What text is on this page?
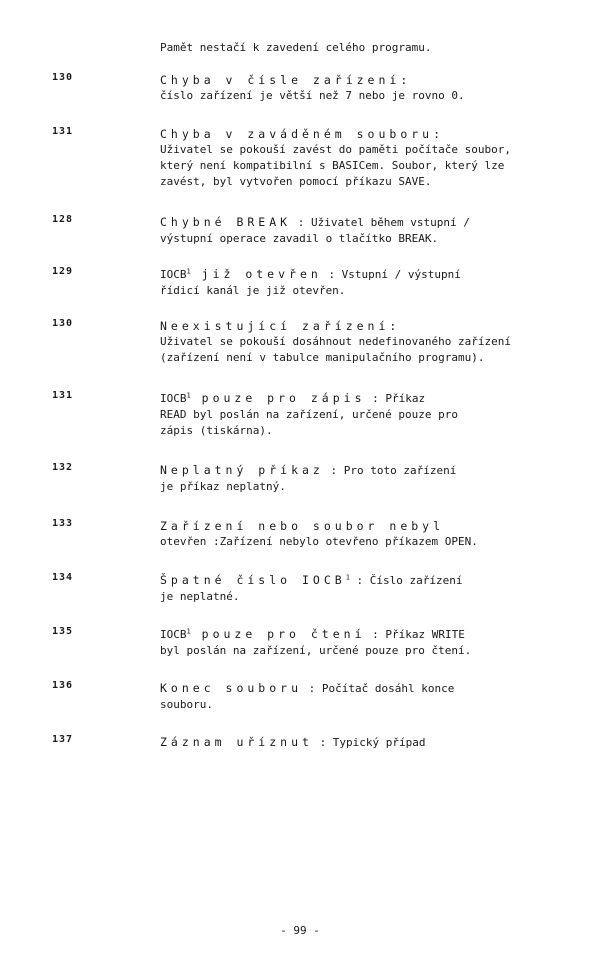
Pamět nestačí k zavedení celého programu.
130	Chyba v čísle zařízení:
číslo zařízení je větší než 7 nebo je rovno 0.
131	Chyba v zaváděném souboru:
Uživatel se pokouší zavést do paměti počítače soubor,
který není kompatibilní s BASICem. Soubor, který lze
zavést, byl vytvořen pomocí příkazu SAVE.
128	Chybné BREAK : Uživatel během vstupní /
výstupní operace zavadil o tlačítko BREAK.
129	IOCB$^1$ již otevřen : Vstupní / výstupní
řídicí kanál je již otevřen.
130	Neexistující zařízení:
Uživatel se pokouší dosáhnout nedefinovaného zařízení
(zařízení není v tabulce manipulačního programu).
131	IOCB$^1$ pouze pro zápis : Příkaz
READ byl poslán na zařízení, určené pouze pro
zápis (tiskárna).
132	Neplatný příkaz : Pro toto zařízení
je příkaz neplatný.
133	Zařízení nebo soubor nebyl
otevřen :Zařízení nebylo otevřeno příkazem OPEN.
134	Špatné číslo IOCB$^1$ : Číslo zařízení
je neplatné.
135	IOCB$^1$ pouze pro čtení : Příkaz WRITE
byl poslán na zařízení, určené pouze pro čtení.
136	Konec souboru : Počítač dosáhl konce
souboru.
137	Záznam uříznut : Typický případ
- 99 -
